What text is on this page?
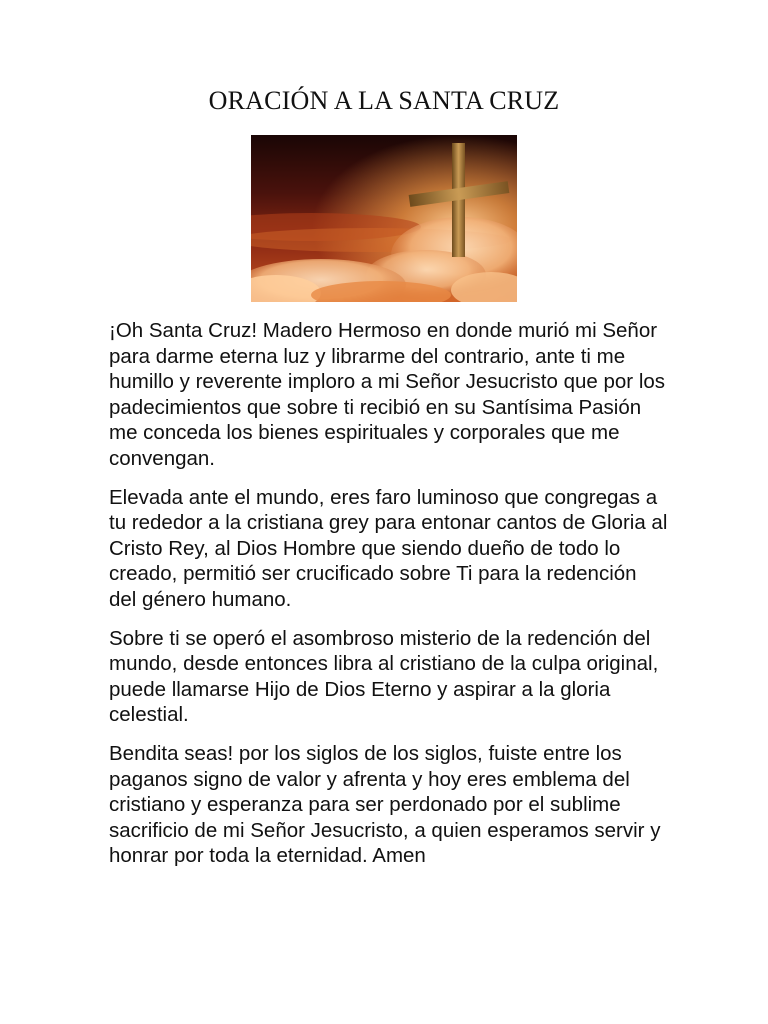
ORACIÓN A LA SANTA CRUZ

¡Oh Santa Cruz! Madero Hermoso en donde murió mi Señor para darme eterna luz y librarme del contrario, ante ti me humillo y reverente imploro a mi Señor Jesucristo que por los padecimientos que sobre ti recibió en su Santísima Pasión me conceda los bienes espirituales y corporales que me convengan.

Elevada ante el mundo, eres faro luminoso que congregas a tu rededor a la cristiana grey para entonar cantos de Gloria al Cristo Rey, al Dios Hombre que siendo dueño de todo lo creado, permitió ser crucificado sobre Ti para la redención del género humano.

Sobre ti se operó el asombroso misterio de la redención del mundo, desde entonces libra al cristiano de la culpa original, puede llamarse Hijo de Dios Eterno y aspirar a la gloria celestial.

Bendita seas! por los siglos de los siglos, fuiste entre los paganos signo de valor y afrenta y hoy eres emblema del cristiano y esperanza para ser perdonado por el sublime sacrificio de mi Señor Jesucristo, a quien esperamos servir y honrar por toda la eternidad. Amen
